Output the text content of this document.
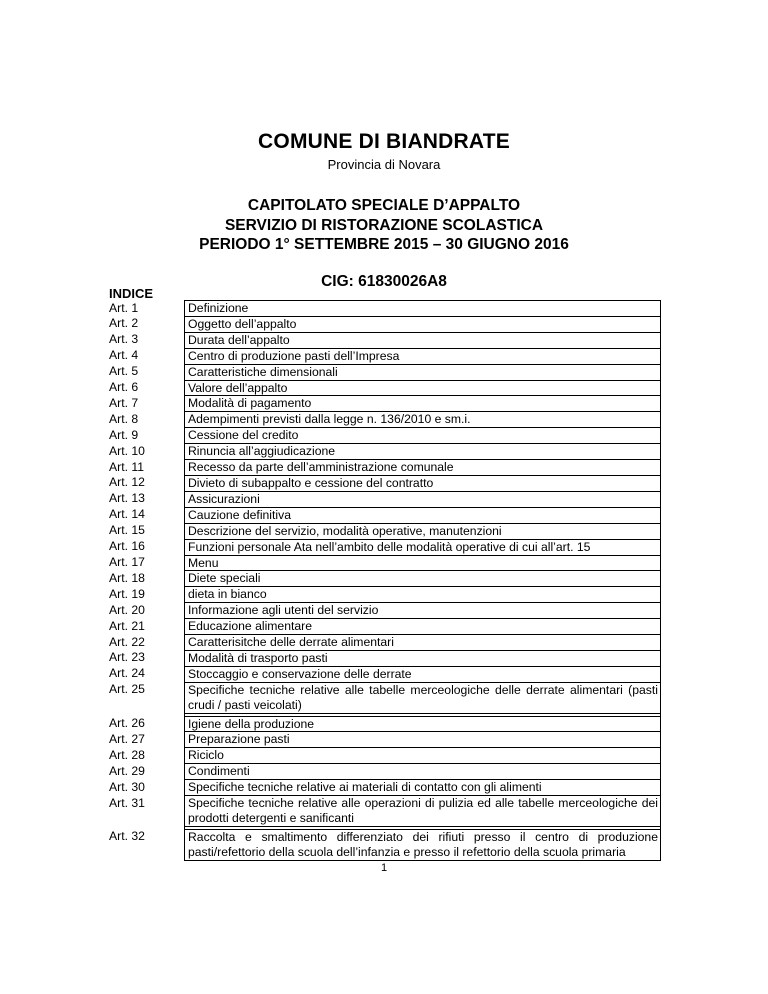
COMUNE DI BIANDRATE
Provincia di Novara
CAPITOLATO SPECIALE D’APPALTO
SERVIZIO DI RISTORAZIONE SCOLASTICA
PERIODO 1° SETTEMBRE 2015 – 30 GIUGNO 2016
CIG: 61830026A8
INDICE
Art. 1	Definizione
Art. 2	Oggetto dell’appalto
Art. 3	Durata dell’appalto
Art. 4	Centro di produzione pasti dell’Impresa
Art. 5	Caratteristiche dimensionali
Art. 6	Valore dell’appalto
Art. 7	Modalità di pagamento
Art. 8	Adempimenti previsti dalla legge n. 136/2010 e sm.i.
Art. 9	Cessione del credito
Art. 10	Rinuncia all’aggiudicazione
Art. 11	Recesso da parte dell’amministrazione comunale
Art. 12	Divieto di subappalto e cessione del contratto
Art. 13	Assicurazioni
Art. 14	Cauzione definitiva
Art. 15	Descrizione del servizio, modalità operative, manutenzioni
Art. 16	Funzioni personale Ata nell’ambito delle modalità operative di cui all’art. 15
Art. 17	Menu
Art. 18	Diete speciali
Art. 19	dieta in bianco
Art. 20	Informazione agli utenti del servizio
Art. 21	Educazione alimentare
Art. 22	Caratterisitche delle derrate alimentari
Art. 23	Modalità di trasporto pasti
Art. 24	Stoccaggio e conservazione delle derrate
Art. 25	Specifiche tecniche relative alle tabelle merceologiche delle derrate alimentari (pasti crudi / pasti veicolati)

Art. 26	Igiene della produzione
Art. 27	Preparazione pasti
Art. 28	Riciclo
Art. 29	Condimenti
Art. 30	Specifiche tecniche relative ai materiali di contatto con gli alimenti
Art. 31	Specifiche tecniche relative alle operazioni di pulizia ed alle tabelle merceologiche dei prodotti detergenti e sanificanti

Art. 32	Raccolta e smaltimento differenziato dei rifiuti presso il centro di produzione pasti/refettorio della scuola dell’infanzia e presso il refettorio della scuola primaria
1
